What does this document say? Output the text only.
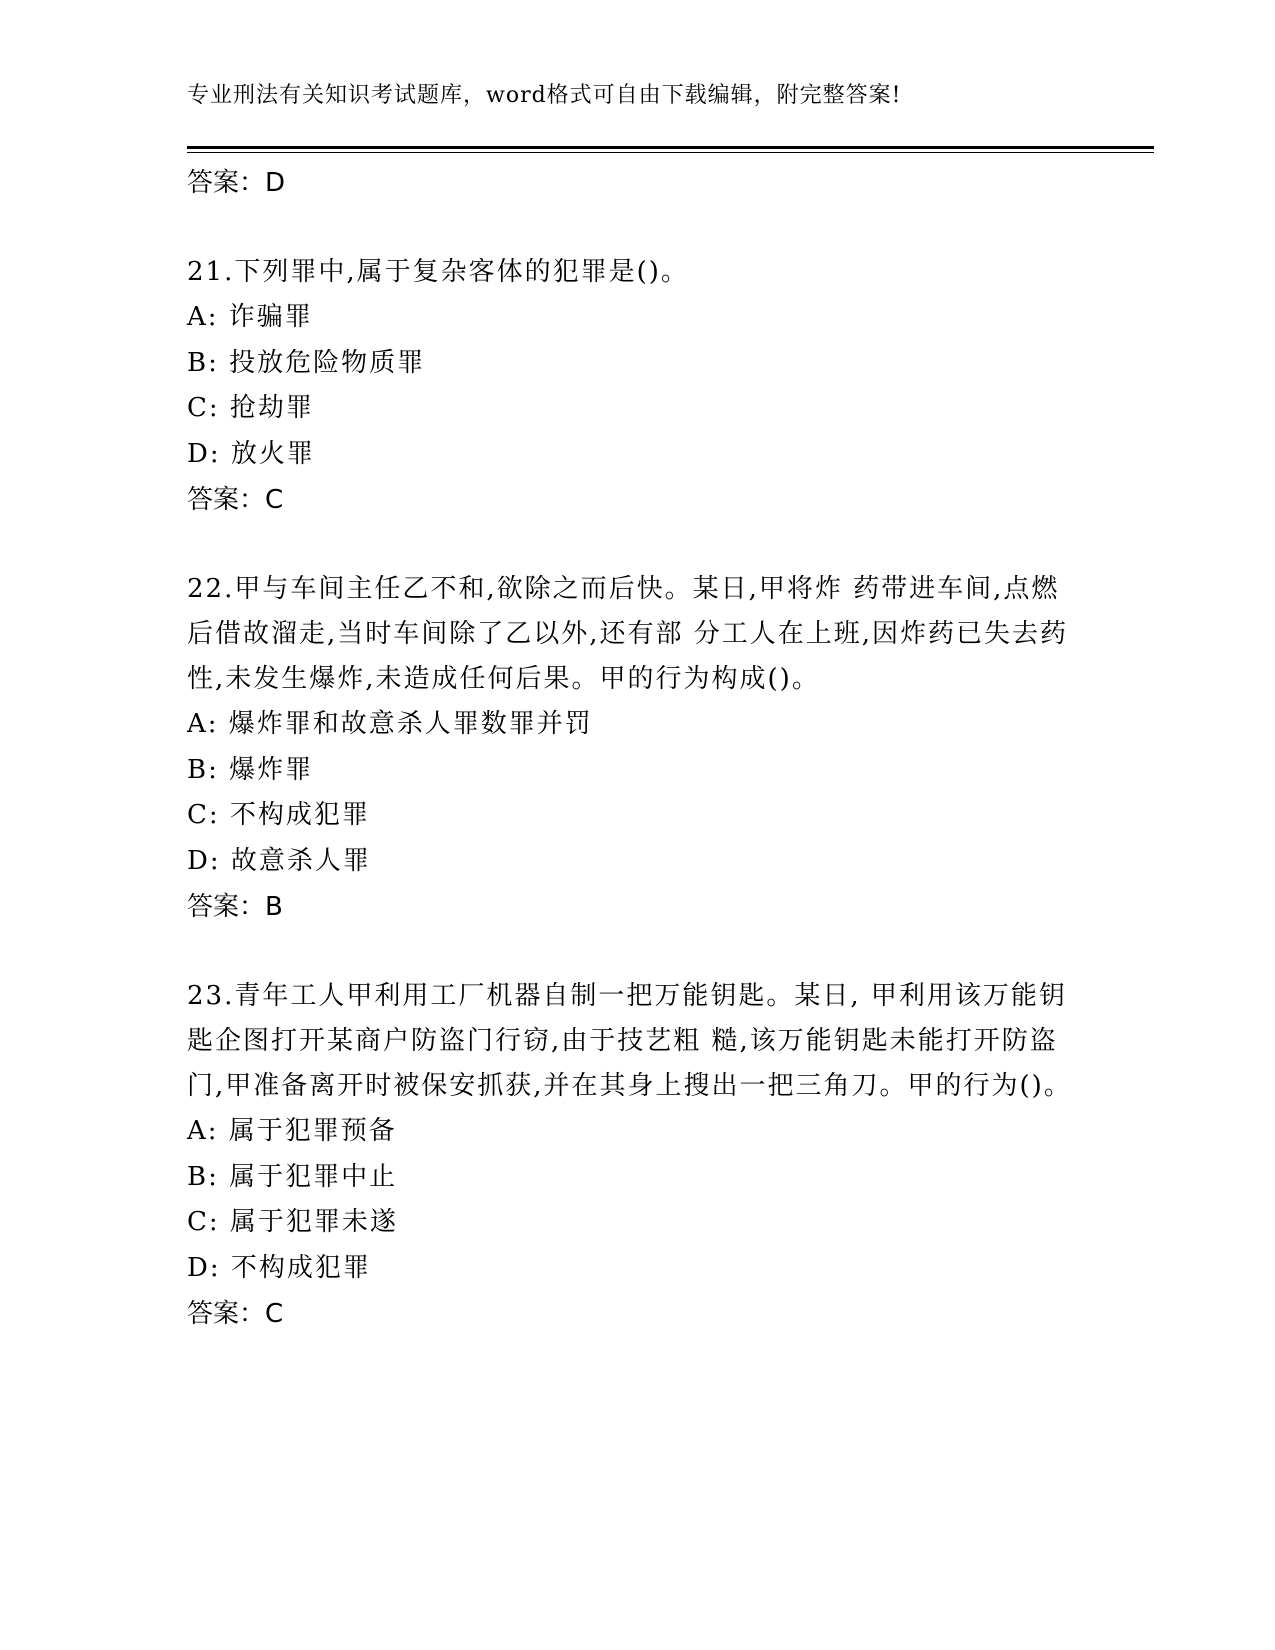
专业刑法有关知识考试题库，word格式可自由下载编辑，附完整答案!
答案：D
21.下列罪中,属于复杂客体的犯罪是()。
A: 诈骗罪
B: 投放危险物质罪
C: 抢劫罪
D: 放火罪
答案：C
22.甲与车间主任乙不和,欲除之而后快。某日,甲将炸 药带进车间,点燃后借故溜走,当时车间除了乙以外,还有部 分工人在上班,因炸药已失去药性,未发生爆炸,未造成任何后果。甲的行为构成()。
A: 爆炸罪和故意杀人罪数罪并罚
B: 爆炸罪
C: 不构成犯罪
D: 故意杀人罪
答案：B
23.青年工人甲利用工厂机器自制一把万能钥匙。某日, 甲利用该万能钥匙企图打开某商户防盗门行窃,由于技艺粗 糙,该万能钥匙未能打开防盗门,甲准备离开时被保安抓获,并在其身上搜出一把三角刀。甲的行为()。
A: 属于犯罪预备
B: 属于犯罪中止
C: 属于犯罪未遂
D: 不构成犯罪
答案：C
